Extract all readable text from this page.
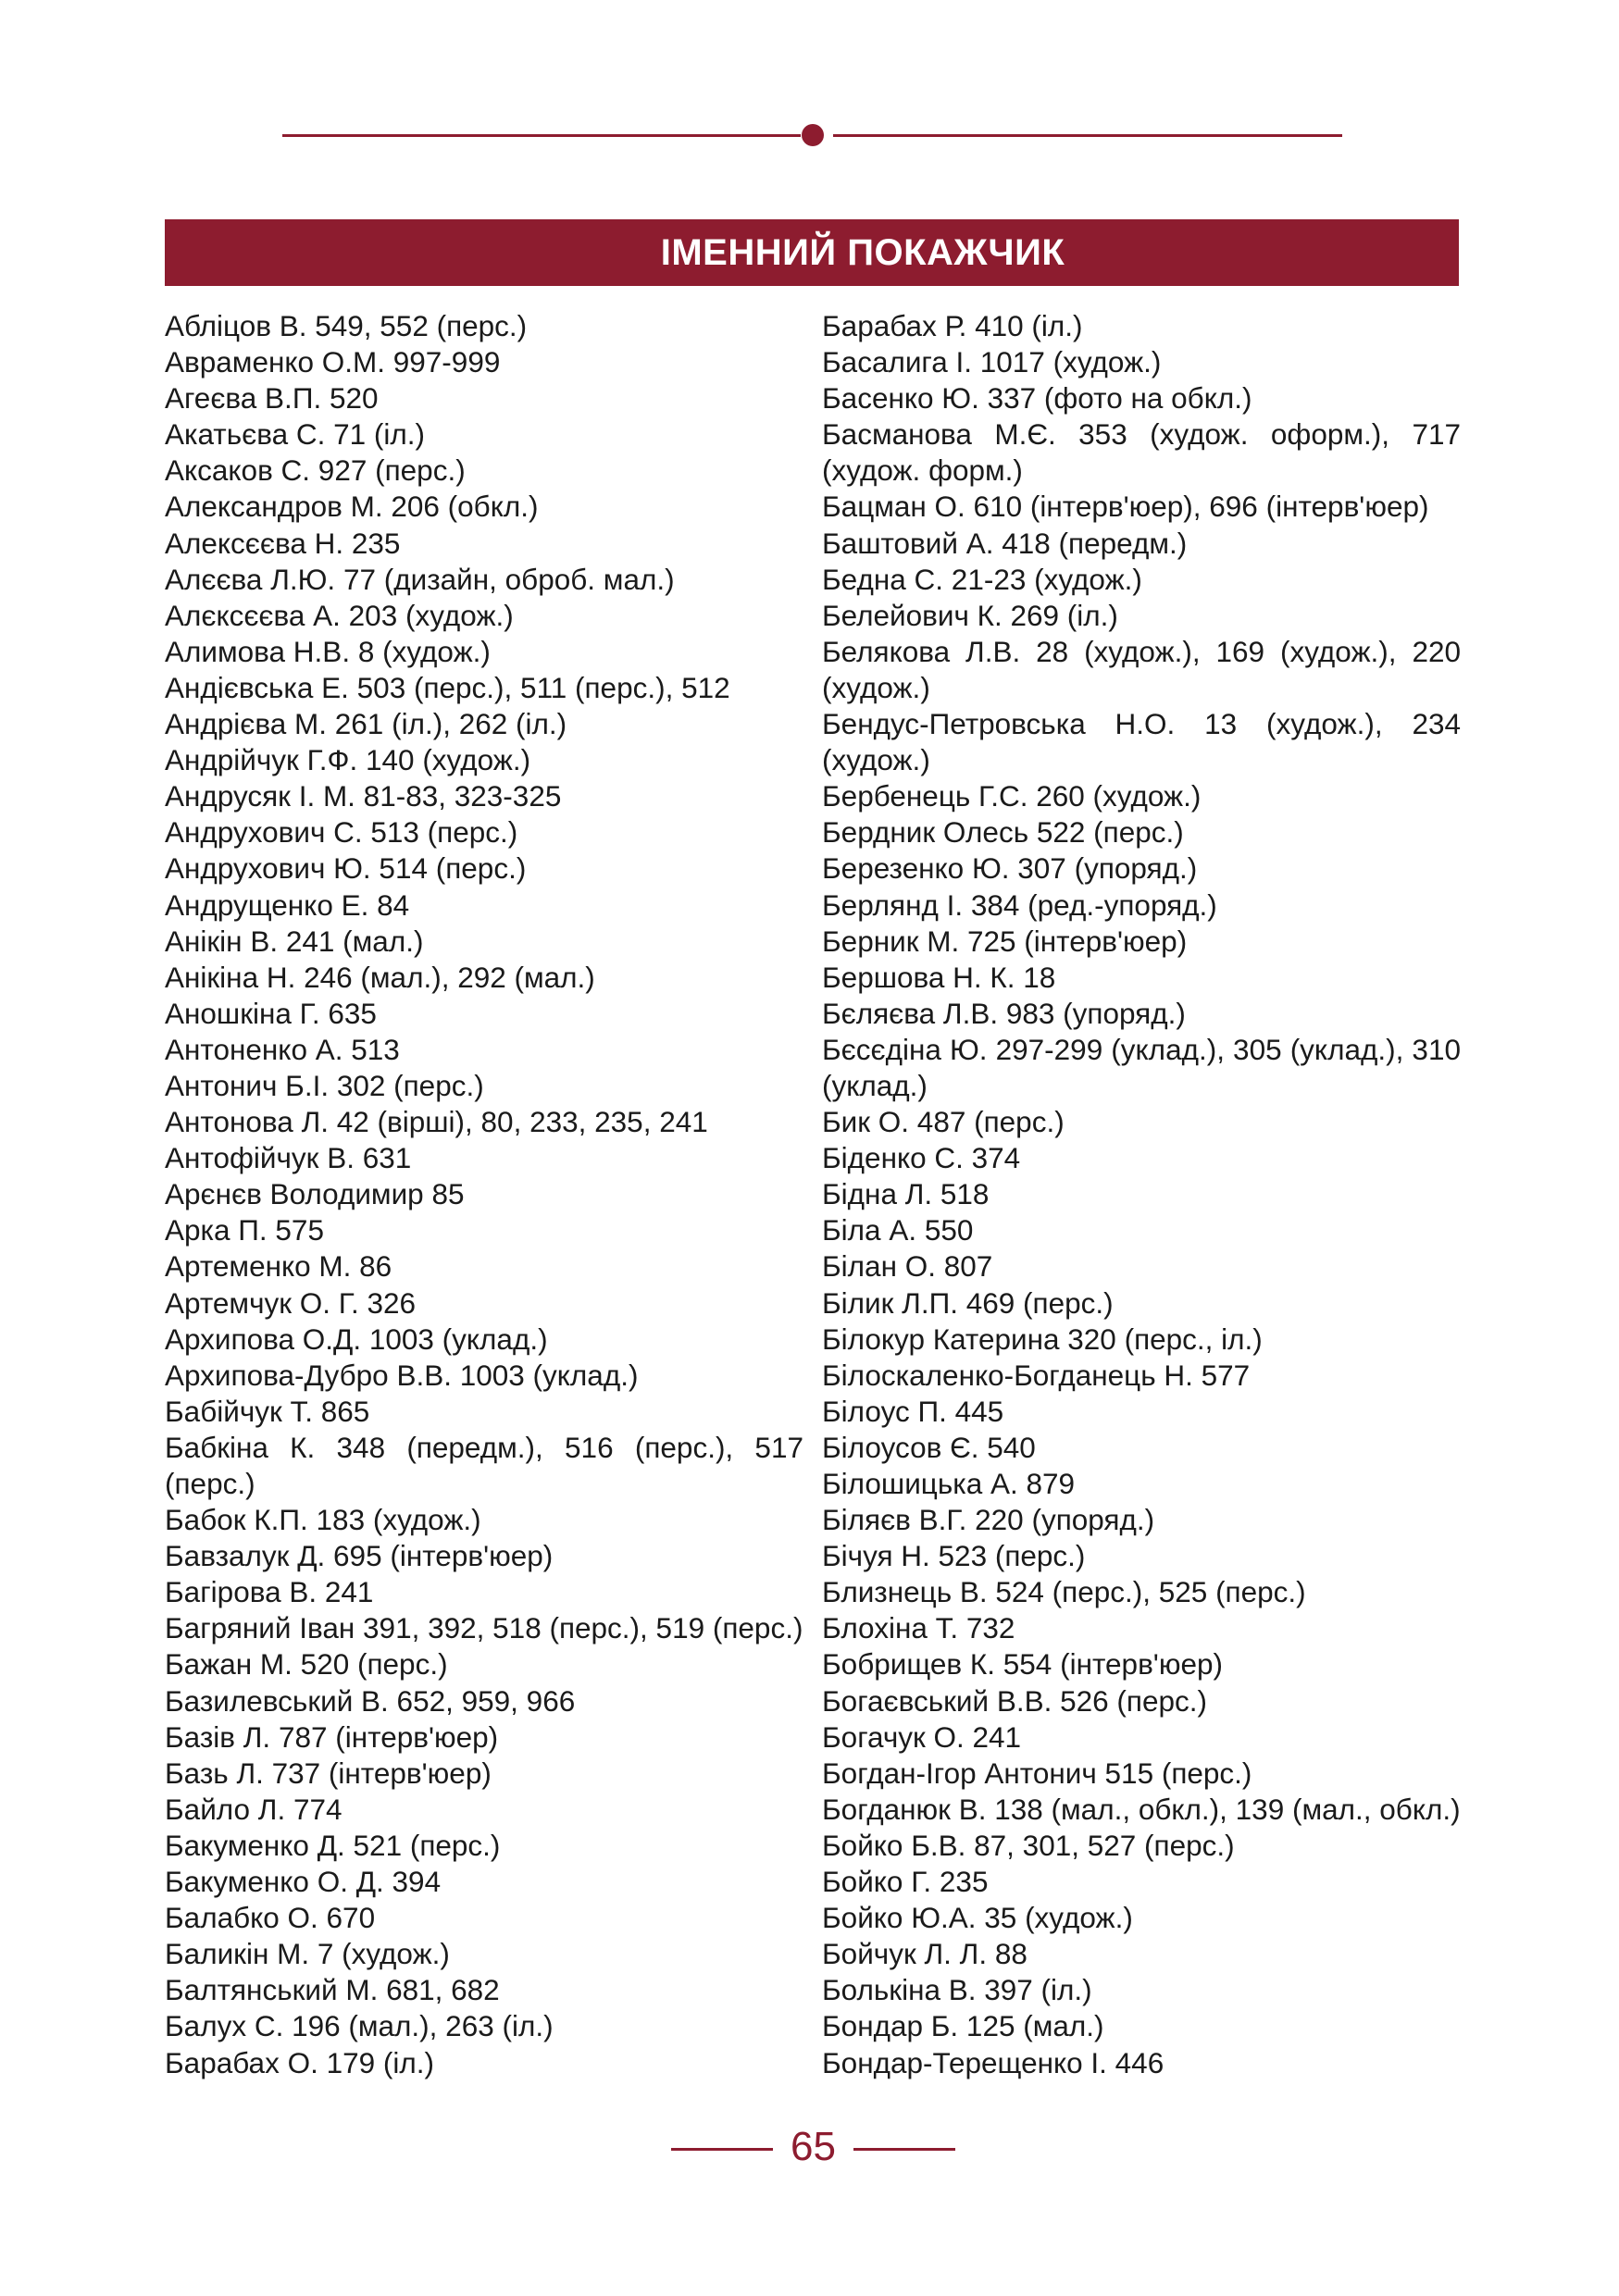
ІМЕННИЙ ПОКАЖЧИК
Абліцов В. 549, 552 (перс.)
Авраменко О.М. 997-999
Агеєва В.П. 520
Акатьєва С. 71 (іл.)
Аксаков С. 927 (перс.)
Александров М. 206 (обкл.)
Алексєєва Н. 235
Алєєва Л.Ю. 77 (дизайн, оброб. мал.)
Алєксєєва А. 203 (худож.)
Алимова Н.В. 8 (худож.)
Андієвська Е. 503 (перс.), 511 (перс.), 512
Андрієва М. 261 (іл.), 262 (іл.)
Андрійчук Г.Ф. 140 (худож.)
Андрусяк І. М. 81-83, 323-325
Андрухович С. 513 (перс.)
Андрухович Ю. 514 (перс.)
Андрущенко Е. 84
Анікін В. 241 (мал.)
Анікіна Н. 246 (мал.), 292 (мал.)
Аношкіна Г. 635
Антоненко А. 513
Антонич Б.І. 302 (перс.)
Антонова Л. 42 (вірші), 80, 233, 235, 241
Антофійчук В. 631
Арєнєв Володимир 85
Арка П. 575
Артеменко М. 86
Артемчук О. Г. 326
Архипова О.Д. 1003 (уклад.)
Архипова-Дубро В.В. 1003 (уклад.)
Бабійчук Т. 865
Бабкіна К. 348 (передм.), 516 (перс.), 517 (перс.)
Бабок К.П. 183 (худож.)
Бавзалук Д. 695 (інтерв'юер)
Багірова В. 241
Багряний Іван 391, 392, 518 (перс.), 519 (перс.)
Бажан М. 520 (перс.)
Базилевський В. 652, 959, 966
Базів Л. 787 (інтерв'юер)
Базь Л. 737 (інтерв'юер)
Байло Л. 774
Бакуменко Д. 521 (перс.)
Бакуменко О. Д. 394
Балабко О. 670
Баликін М. 7 (худож.)
Балтянський М. 681, 682
Балух С. 196 (мал.), 263 (іл.)
Барабах О. 179 (іл.)
Барабах Р. 410 (іл.)
Басалига І. 1017 (худож.)
Басенко Ю. 337 (фото на обкл.)
Басманова М.Є. 353 (худож. оформ.), 717 (худож. форм.)
Бацман О. 610 (інтерв'юер), 696 (інтерв'юер)
Баштовий А. 418 (передм.)
Бедна С. 21-23 (худож.)
Белейович К. 269 (іл.)
Белякова Л.В. 28 (худож.), 169 (худож.), 220 (худож.)
Бендус-Петровська Н.О. 13 (худож.), 234 (худож.)
Бербенець Г.С. 260 (худож.)
Бердник Олесь 522 (перс.)
Березенко Ю. 307 (упоряд.)
Берлянд І. 384 (ред.-упоряд.)
Берник М. 725 (інтерв'юер)
Бершова Н. К. 18
Бєляєва Л.В. 983 (упоряд.)
Бєсєдіна Ю. 297-299 (уклад.), 305 (уклад.), 310 (уклад.)
Бик О. 487 (перс.)
Біденко С. 374
Бідна Л. 518
Біла А. 550
Білан О. 807
Білик Л.П. 469 (перс.)
Білокур Катерина 320 (перс., іл.)
Білоскаленко-Богданець Н. 577
Білоус П. 445
Білоусов Є. 540
Білошицька А. 879
Біляєв В.Г. 220 (упоряд.)
Бічуя Н. 523 (перс.)
Близнець В. 524 (перс.), 525 (перс.)
Блохіна Т. 732
Бобрищев К. 554 (інтерв'юер)
Богаєвський В.В. 526 (перс.)
Богачук О. 241
Богдан-Ігор Антонич 515 (перс.)
Богданюк В. 138 (мал., обкл.), 139 (мал., обкл.)
Бойко Б.В. 87, 301, 527 (перс.)
Бойко Г. 235
Бойко Ю.А. 35 (худож.)
Бойчук Л. Л. 88
Болькіна В. 397 (іл.)
Бондар Б. 125 (мал.)
Бондар-Терещенко І. 446
65
